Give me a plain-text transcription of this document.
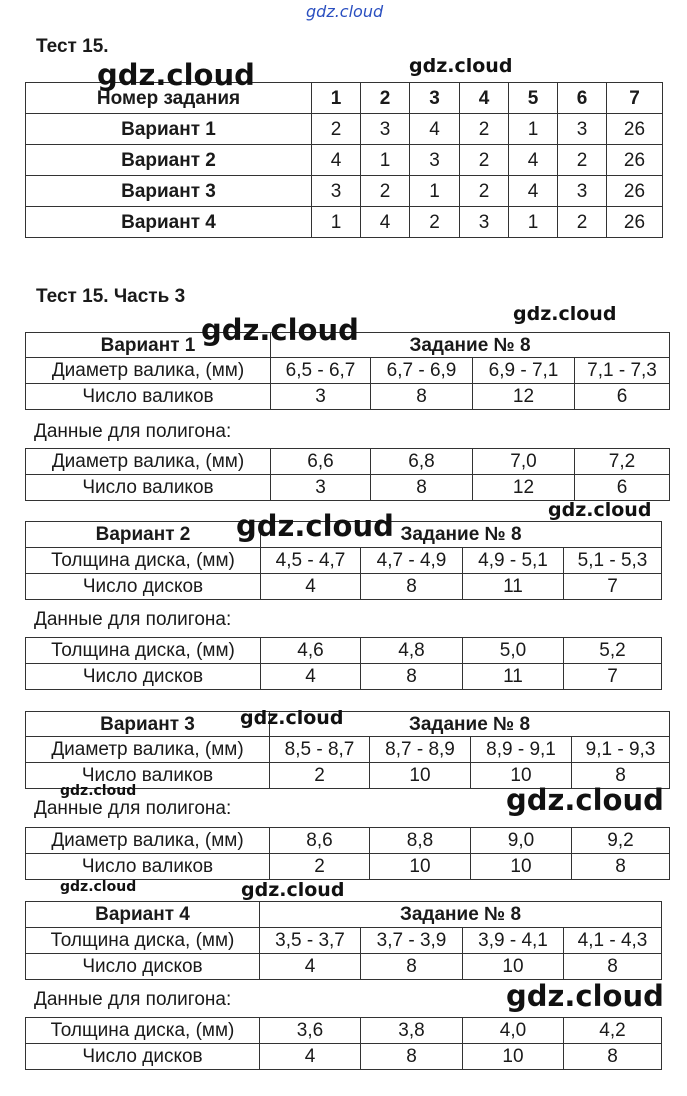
Тест 15.
Номер задания	1	2	3	4	5	6	7
Вариант 1	2	3	4	2	1	3	26
Вариант 2	4	1	3	2	4	2	26
Вариант 3	3	2	1	2	4	3	26
Вариант 4	1	4	2	3	1	2	26
Тест 15. Часть 3
Вариант 1	Задание № 8			
Диаметр валика, (мм)	6,5 - 6,7	6,7 - 6,9	6,9 - 7,1	7,1 - 7,3
Число валиков	3	8	12	6
Данные для полигона:
Диаметр валика, (мм)	6,6	6,8	7,0	7,2
Число валиков	3	8	12	6
Вариант 2	Задание № 8			
Толщина диска, (мм)	4,5 - 4,7	4,7 - 4,9	4,9 - 5,1	5,1 - 5,3
Число дисков	4	8	11	7
Данные для полигона:
Толщина диска, (мм)	4,6	4,8	5,0	5,2
Число дисков	4	8	11	7
Вариант 3	Задание № 8			
Диаметр валика, (мм)	8,5 - 8,7	8,7 - 8,9	8,9 - 9,1	9,1 - 9,3
Число валиков	2	10	10	8
Данные для полигона:
Диаметр валика, (мм)	8,6	8,8	9,0	9,2
Число валиков	2	10	10	8
Вариант 4	Задание № 8			
Толщина диска, (мм)	3,5 - 3,7	3,7 - 3,9	3,9 - 4,1	4,1 - 4,3
Число дисков	4	8	10	8
Данные для полигона:
Толщина диска, (мм)	3,6	3,8	4,0	4,2
Число дисков	4	8	10	8
gdz.cloud
gdz.cloud	gdz.cloud
gdz.cloud
gdz.cloud
gdz.cloud
gdz.cloud
gdz.cloud
gdz.cloud	gdz.cloud
gdz.cloud	gdz.cloud
gdz.cloud
